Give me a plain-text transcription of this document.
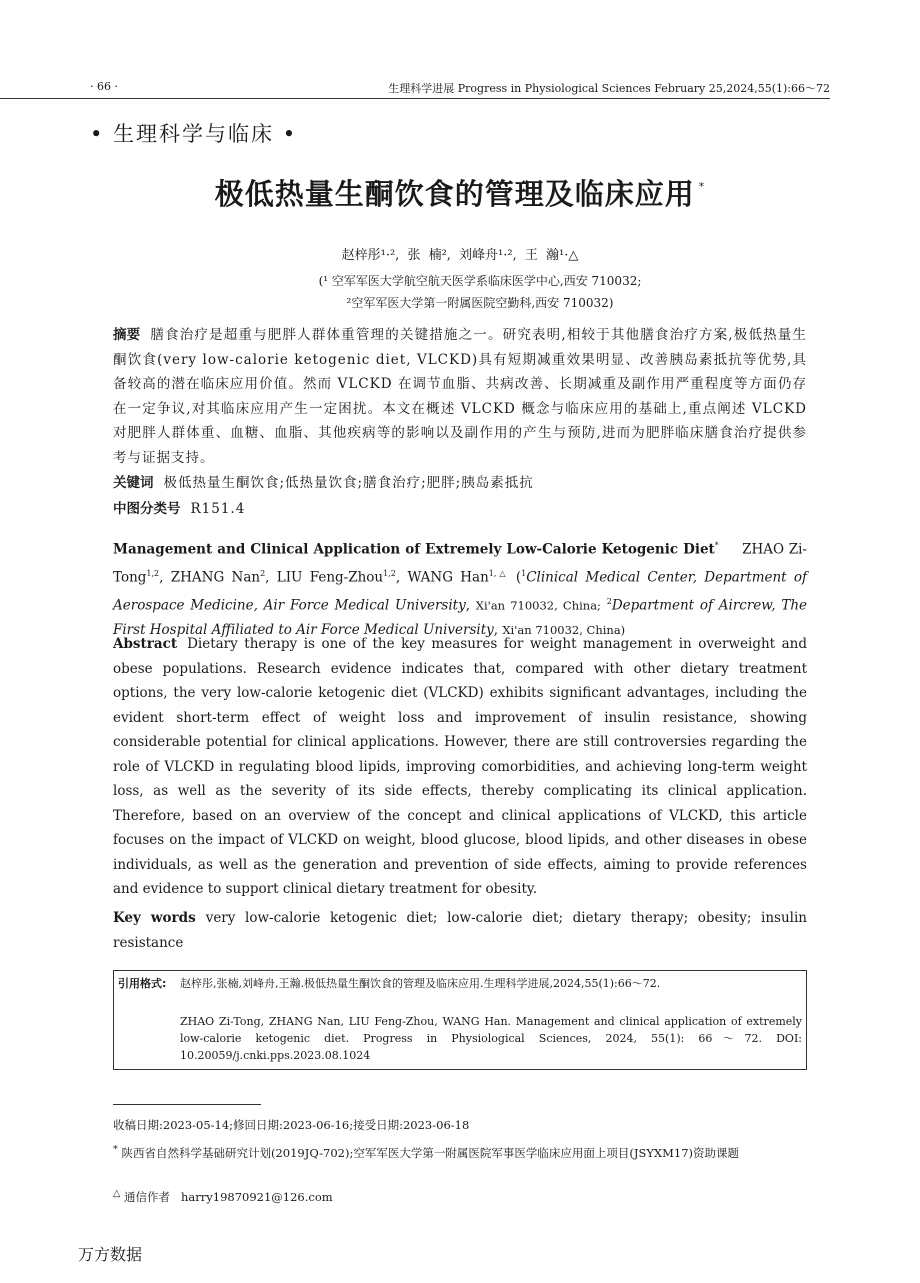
· 66 ·	生理科学进展 Progress in Physiological Sciences February 25,2024,55(1):66～72
• 生理科学与临床 •
极低热量生酮饮食的管理及临床应用 *
赵梓彤¹·², 张 楠², 刘峰舟¹·², 王 瀚¹·△
(¹ 空军军医大学航空航天医学系临床医学中心,西安 710032;
²空军军医大学第一附属医院空勤科,西安 710032)
摘要 膳食治疗是超重与肥胖人群体重管理的关键措施之一。研究表明,相较于其他膳食治疗方案,极低热量生酮饮食(very low-calorie ketogenic diet, VLCKD)具有短期减重效果明显、改善胰岛素抵抗等优势,具备较高的潜在临床应用价值。然而 VLCKD 在调节血脂、共病改善、长期减重及副作用严重程度等方面仍存在一定争议,对其临床应用产生一定困扰。本文在概述 VLCKD 概念与临床应用的基础上,重点阐述 VLCKD 对肥胖人群体重、血糖、血脂、其他疾病等的影响以及副作用的产生与预防,进而为肥胖临床膳食治疗提供参考与证据支持。
关键词 极低热量生酮饮食;低热量饮食;膳食治疗;肥胖;胰岛素抵抗
中图分类号 R151.4
Management and Clinical Application of Extremely Low-Calorie Ketogenic Diet* ZHAO Zi-Tong$^{1,2}$, ZHANG Nan$^2$, LIU Feng-Zhou$^{1,2}$, WANG Han$^{1,\triangle}$ ($^1$Clinical Medical Center, Department of Aerospace Medicine, Air Force Medical University, Xi'an 710032, China; $^2$Department of Aircrew, The First Hospital Affiliated to Air Force Medical University, Xi'an 710032, China)
Abstract Dietary therapy is one of the key measures for weight management in overweight and obese populations. Research evidence indicates that, compared with other dietary treatment options, the very low-calorie ketogenic diet (VLCKD) exhibits significant advantages, including the evident short-term effect of weight loss and improvement of insulin resistance, showing considerable potential for clinical applications. However, there are still controversies regarding the role of VLCKD in regulating blood lipids, improving comorbidities, and achieving long-term weight loss, as well as the severity of its side effects, thereby complicating its clinical application. Therefore, based on an overview of the concept and clinical applications of VLCKD, this article focuses on the impact of VLCKD on weight, blood glucose, blood lipids, and other diseases in obese individuals, as well as the generation and prevention of side effects, aiming to provide references and evidence to support clinical dietary treatment for obesity.
Key words very low-calorie ketogenic diet; low-calorie diet; dietary therapy; obesity; insulin resistance
引用格式: 赵梓彤,张楠,刘峰舟,王瀚.极低热量生酮饮食的管理及临床应用.生理科学进展,2024,55(1):66～72.
ZHAO Zi-Tong, ZHANG Nan, LIU Feng-Zhou, WANG Han. Management and clinical application of extremely low-calorie ketogenic diet. Progress in Physiological Sciences, 2024, 55(1): 66～72. DOI: 10.20059/j.cnki.pps.2023.08.1024
收稿日期:2023-05-14;修回日期:2023-06-16;接受日期:2023-06-18
* 陕西省自然科学基础研究计划(2019JQ-702);空军军医大学第一附属医院军事医学临床应用面上项目(JSYXM17)资助课题
△ 通信作者 harry19870921@126.com
万方数据
